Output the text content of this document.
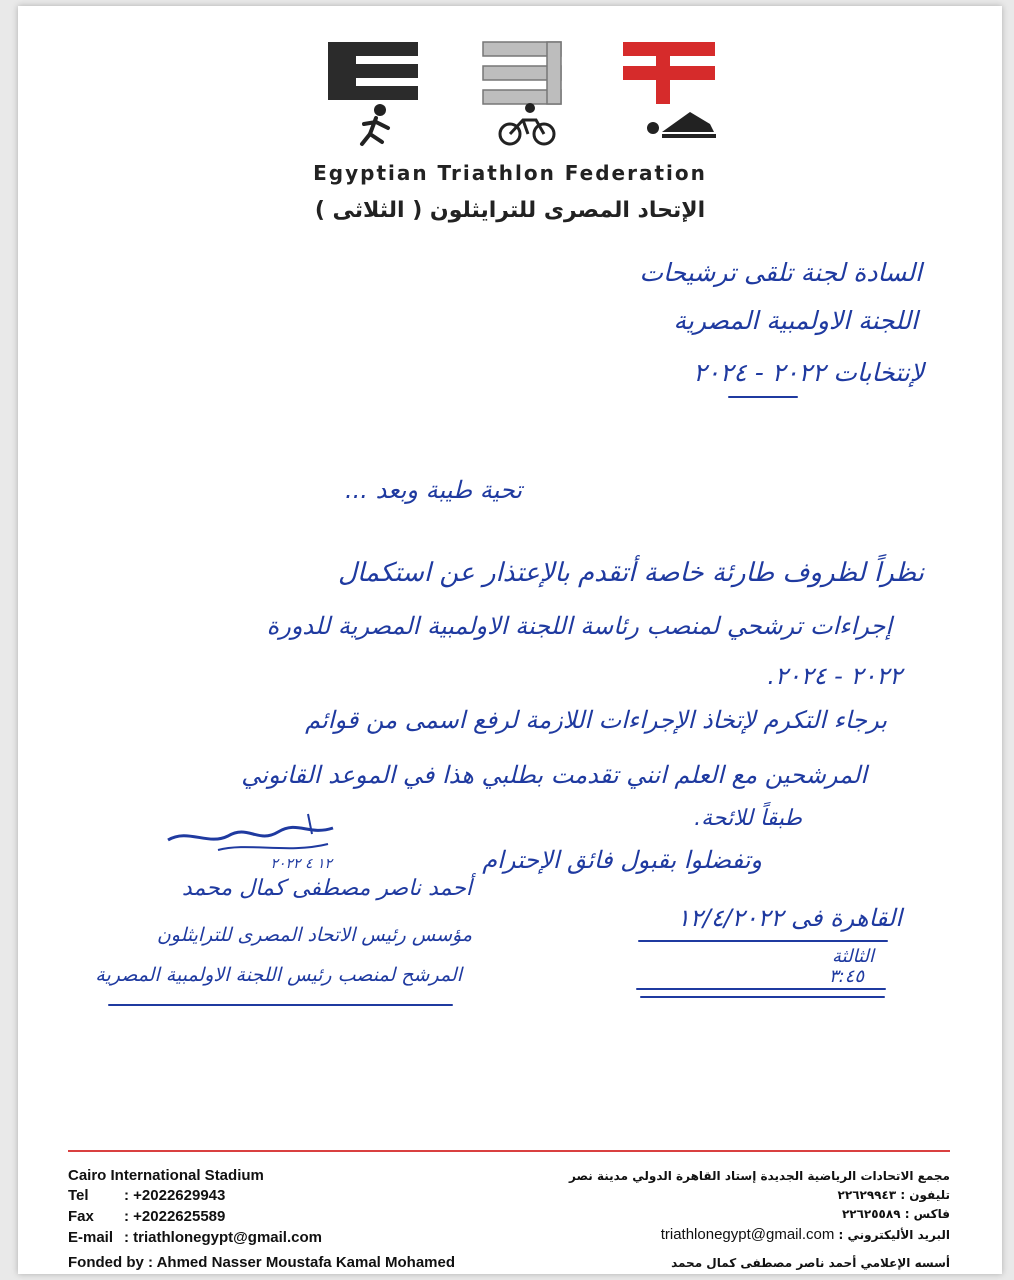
Egyptian Triathlon Federation
الإتحاد المصرى للترايثلون ( الثلاثى )
السادة لجنة تلقى ترشيحات
اللجنة الاولمبية المصرية
لإنتخابات ٢٠٢٢ - ٢٠٢٤
تحية طيبة وبعد ...
نظراً لظروف طارئة خاصة أتقدم بالإعتذار عن استكمال
إجراءات ترشحي لمنصب رئاسة اللجنة الاولمبية المصرية للدورة
٢٠٢٢ - ٢٠٢٤.
برجاء التكرم لإتخاذ الإجراءات اللازمة لرفع اسمى من قوائم
المرشحين مع العلم انني تقدمت بطلبي هذا في الموعد القانوني
طبقاً للائحة.
وتفضلوا بقبول فائق الإحترام
١٢ ٤ ٢٠٢٢
أحمد ناصر مصطفى كمال محمد
مؤسس رئيس الاتحاد المصرى للترايثلون
المرشح لمنصب رئيس اللجنة الاولمبية المصرية
القاهرة فى ١٢/٤/٢٠٢٢
الثالثة
٣:٤٥
Cairo International Stadium
Tel : +2022629943
Fax : +2022625589
E-mail : triathlonegypt@gmail.com
Fonded by : Ahmed Nasser Moustafa Kamal Mohamed
مجمع الاتحادات الرياضية الجديدة إستاد القاهرة الدولي مدينة نصر
تليفون : ٢٢٦٢٩٩٤٣
فاكس : ٢٢٦٢٥٥٨٩
البريد الأليكتروني : triathlonegypt@gmail.com
أسسه الإعلامي أحمد ناصر مصطفى كمال محمد
